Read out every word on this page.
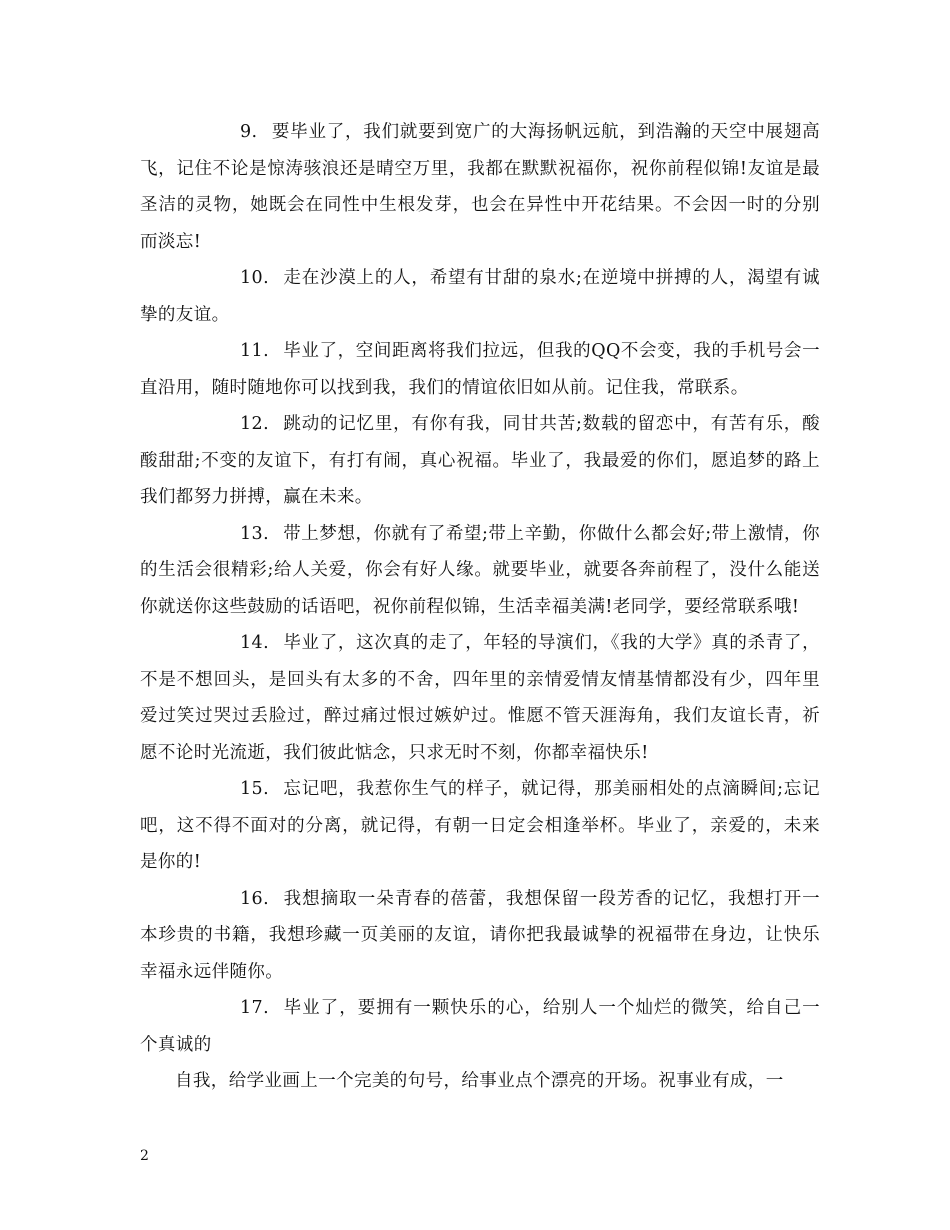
9. 要毕业了，我们就要到宽广的大海扬帆远航，到浩瀚的天空中展翅高飞，记住不论是惊涛骇浪还是晴空万里，我都在默默祝福你，祝你前程似锦!友谊是最圣洁的灵物，她既会在同性中生根发芽，也会在异性中开花结果。不会因一时的分别而淡忘!

10. 走在沙漠上的人，希望有甘甜的泉水;在逆境中拼搏的人，渴望有诚挚的友谊。

11. 毕业了，空间距离将我们拉远，但我的QQ不会变，我的手机号会一直沿用，随时随地你可以找到我，我们的情谊依旧如从前。记住我，常联系。

12. 跳动的记忆里，有你有我，同甘共苦;数载的留恋中，有苦有乐，酸酸甜甜;不变的友谊下，有打有闹，真心祝福。毕业了，我最爱的你们，愿追梦的路上我们都努力拼搏，赢在未来。

13. 带上梦想，你就有了希望;带上辛勤，你做什么都会好;带上激情，你的生活会很精彩;给人关爱，你会有好人缘。就要毕业，就要各奔前程了，没什么能送你就送你这些鼓励的话语吧，祝你前程似锦，生活幸福美满!老同学，要经常联系哦!

14. 毕业了，这次真的走了，年轻的导演们，《我的大学》真的杀青了，不是不想回头，是回头有太多的不舍，四年里的亲情爱情友情基情都没有少，四年里爱过笑过哭过丢脸过，醉过痛过恨过嫉妒过。惟愿不管天涯海角，我们友谊长青，祈愿不论时光流逝，我们彼此惦念，只求无时不刻，你都幸福快乐!

15. 忘记吧，我惹你生气的样子，就记得，那美丽相处的点滴瞬间;忘记吧，这不得不面对的分离，就记得，有朝一日定会相逢举杯。毕业了，亲爱的，未来是你的!

16. 我想摘取一朵青春的蓓蕾，我想保留一段芳香的记忆，我想打开一本珍贵的书籍，我想珍藏一页美丽的友谊，请你把我最诚挚的祝福带在身边，让快乐幸福永远伴随你。

17. 毕业了，要拥有一颗快乐的心，给别人一个灿烂的微笑，给自己一个真诚的

自我，给学业画上一个完美的句号，给事业点个漂亮的开场。祝事业有成，一

2
